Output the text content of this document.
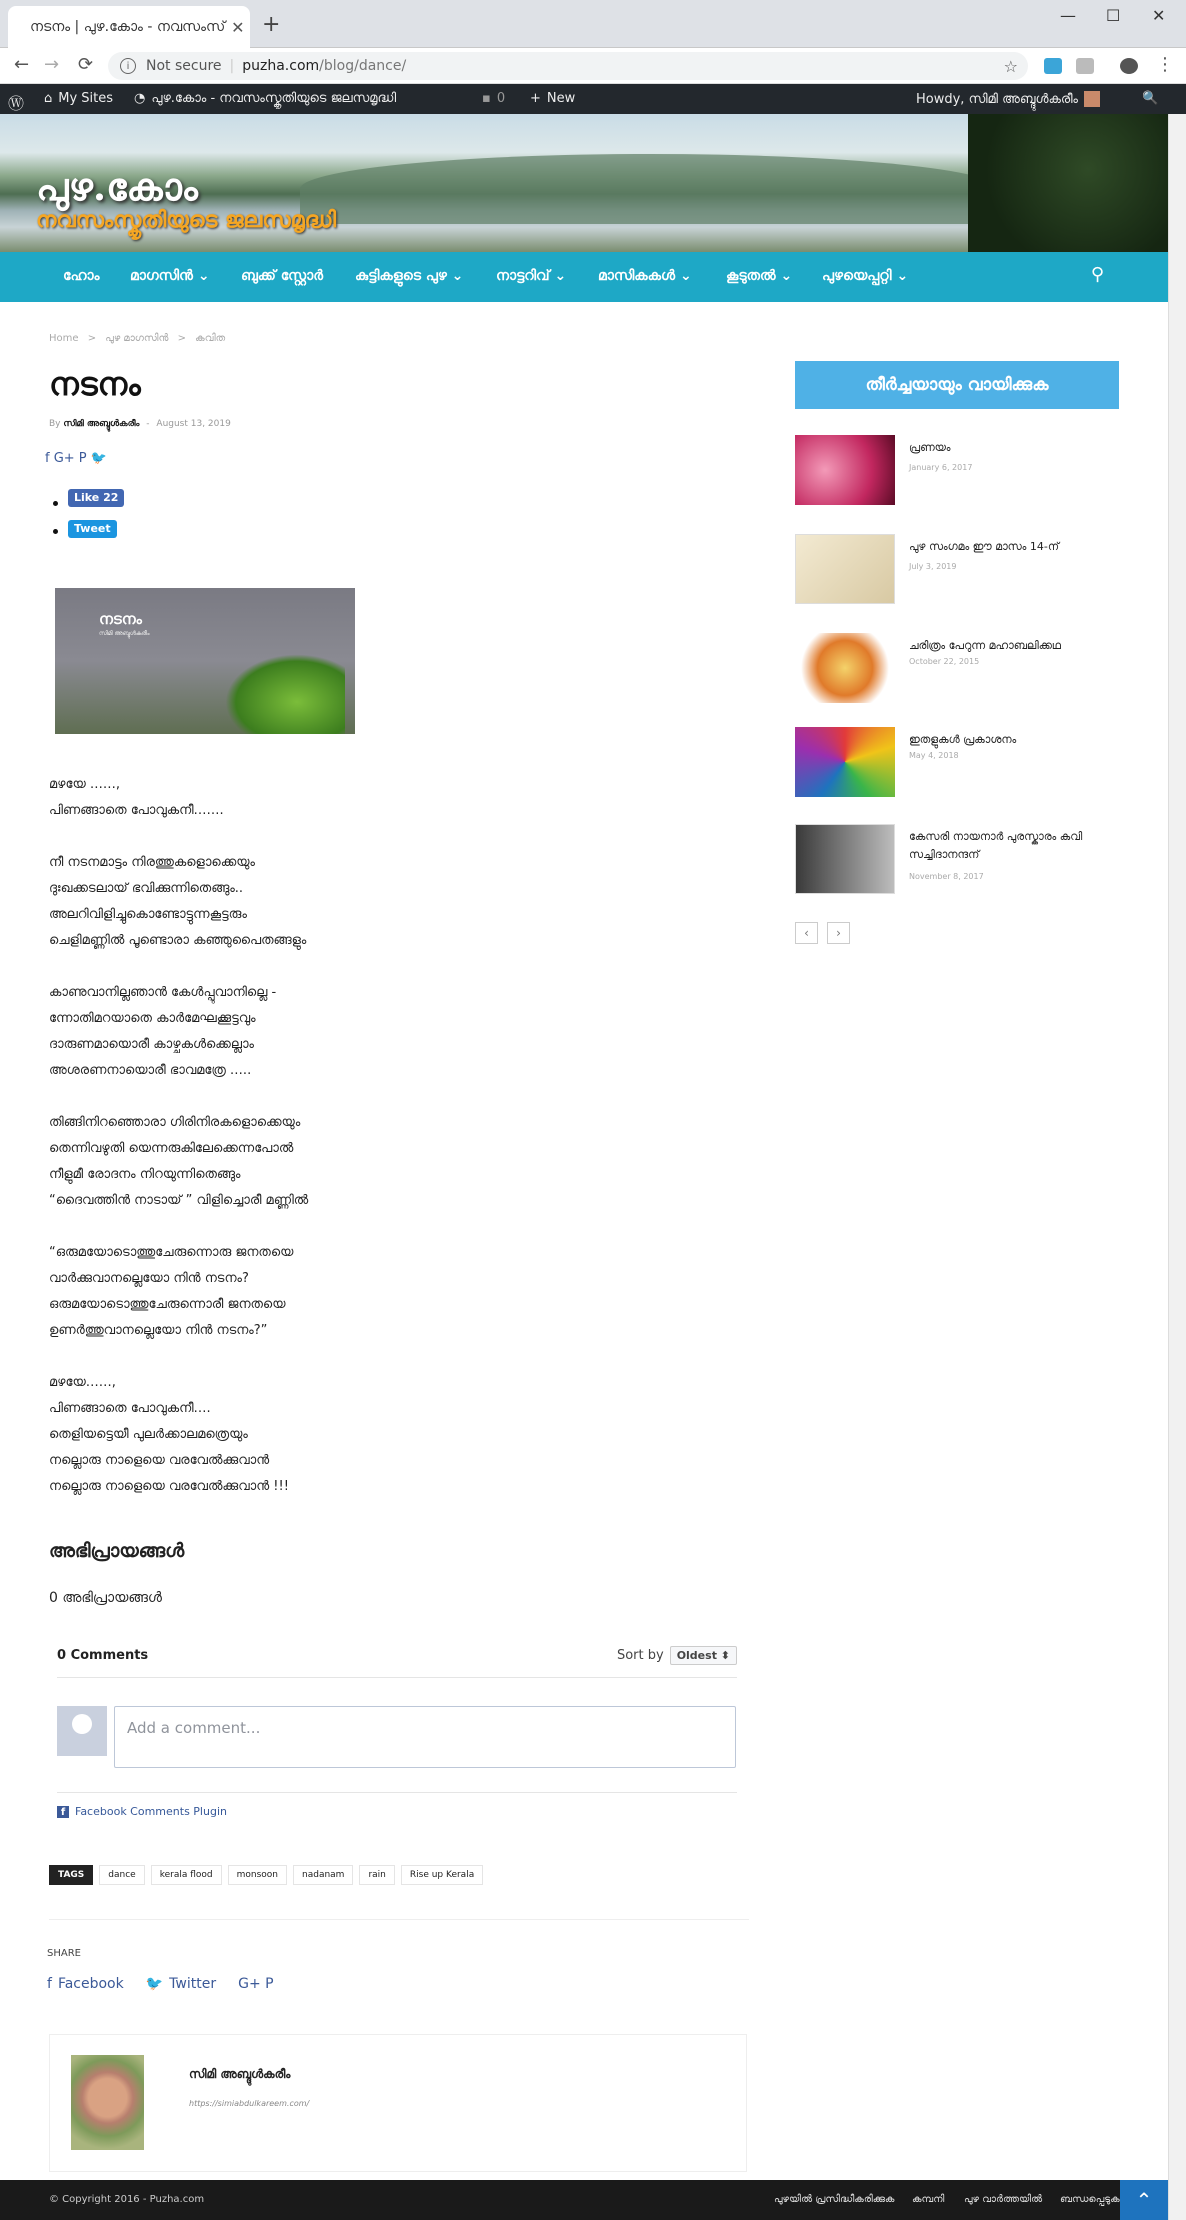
നടനം | പുഴ.കോം - നവസംസ്‌ ✕ +	— ☐ ✕
← → ⟳	i	Not secure | puzha.com /blog/dance/	☆	⋮
Ⓦ ⌂ My Sites ◔ പുഴ.കോം - നവസംസ്കൃതിയുടെ ജലസമൃദ്ധി	▪ 0 + New	Howdy, സിമി അബ്ദുൾകരീം	🔍
പുഴ.കോം
നവസംസ്കൃതിയുടെ ജലസമൃദ്ധി
ഹോം മാഗസിൻ ⌄ ബുക്ക് സ്റ്റോർ കുട്ടികളുടെ പുഴ ⌄ നാട്ടറിവ് ⌄ മാസികകൾ ⌄ കൂടുതൽ ⌄ പുഴയെപ്പറ്റി ⌄	⚲
Home > പുഴ മാഗസിൻ > കവിത
നടനം
By സിമി അബ്ദുൾകരീം - August 13, 2019
f G+ P 🐦
Like 22
Tweet
നടനം
സിമി അബ്ദുൾകരീം
മഴയേ ……,
പിണങ്ങാതെ പോവുകനീ…….
നീ നടനമാട്ടം നിരത്തുകളൊക്കെയും
ദുഃഖക്കടലായ് ഭവിക്കുന്നിതെങ്ങും..
അലറിവിളിച്ചുകൊണ്ടോട്ടുന്നകൂട്ടരും
ചെളിമണ്ണിൽ പൂണ്ടൊരാ കഞ്ഞുപൈതങ്ങളും
കാണുവാനില്ലഞാൻ കേൾപ്പുവാനില്ലെ -
ന്നോതിമറയാതെ കാർമേഘക്കൂട്ടവും
ദാരുണമായൊരീ കാഴ്ചകൾക്കെല്ലാം
അശരണനായൊരീ ഭാവമത്രേ …..
തിങ്ങിനിറഞ്ഞൊരാ ഗിരിനിരകളൊക്കെയും
തെന്നിവഴുതി യെന്നരുകിലേക്കെന്നപോൽ
നീളുമീ രോദനം നിറയുന്നിതെങ്ങും
“ദൈവത്തിൻ നാടായ് ” വിളിച്ചൊരീ മണ്ണിൽ
“ഒരുമയോടൊത്തുചേരുന്നൊരു ജനതയെ
വാർക്കുവാനല്ലെയോ നിൻ നടനം?
ഒരുമയോടൊത്തുചേരുന്നൊരീ ജനതയെ
ഉണർത്തുവാനല്ലെയോ നിൻ നടനം?”
മഴയേ……,
പിണങ്ങാതെ പോവുകനീ….
തെളിയട്ടെയീ പുലർക്കാലമത്രെയും
നല്ലൊരു നാളെയെ വരവേൽക്കുവാൻ
നല്ലൊരു നാളെയെ വരവേൽക്കുവാൻ !!!
അഭിപ്രായങ്ങൾ
0 അഭിപ്രായങ്ങൾ
0 Comments	Sort by	Oldest ⬍
Add a comment...
f Facebook Comments Plugin
TAGS	dance	kerala flood	monsoon	nadanam	rain	Rise up Kerala
SHARE
f Facebook 🐦 Twitter G+ P
സിമി അബ്ദുൾകരീം
https://simiabdulkareem.com/
തീർച്ചയായും വായിക്കുക
പ്രണയം
January 6, 2017
പുഴ സംഗമം ഈ മാസം 14-ന്
July 3, 2019
ചരിത്രം പേറുന്ന മഹാബലിക്കഥ
October 22, 2015
ഇതളുകൾ പ്രകാശനം
May 4, 2018
കേസരി നായനാർ പുരസ്കാരം കവി സച്ചിദാനന്ദന്
November 8, 2017
‹	›
© Copyright 2016 - Puzha.com	പുഴയിൽ പ്രസിദ്ധീകരിക്കുക കമ്പനി പുഴ വാർത്തയിൽ ബന്ധപ്പെടുക ⌃
